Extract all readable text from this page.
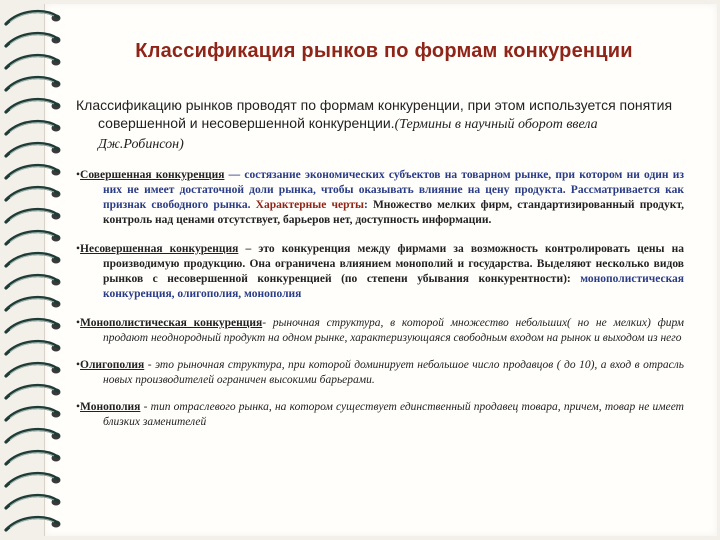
Классификация рынков по формам конкуренции
Классификацию рынков проводят по формам конкуренции, при этом используется понятия совершенной и несовершенной конкуренции.(Термины в научный оборот ввела Дж.Робинсон)
•Совершенная конкуренция — состязание экономических субъектов на товарном рынке, при котором ни один из них не имеет достаточной доли рынка, чтобы оказывать влияние на цену продукта. Рассматривается как признак свободного рынка. Характерные черты: Множество мелких фирм, стандартизированный продукт, контроль над ценами отсутствует, барьеров нет, доступность информации.
•Несовершенная конкуренция – это конкуренция между фирмами за возможность контролировать цены на производимую продукцию. Она ограничена влиянием монополий и государства. Выделяют несколько видов рынков с несовершенной конкуренцией (по степени убывания конкурентности): монополистическая конкуренция, олигополия, монополия
•Монополистическая конкуренция- рыночная структура, в которой множество небольших( но не мелких) фирм продают неоднородный продукт на одном рынке, характеризующаяся свободным входом на рынок и выходом из него
•Олигополия - это рыночная структура, при которой доминирует небольшое число продавцов ( до 10), а вход в отрасль новых производителей ограничен высокими барьерами.
•Монополия - тип отраслевого рынка, на котором существует единственный продавец товара, причем, товар не имеет близких заменителей
